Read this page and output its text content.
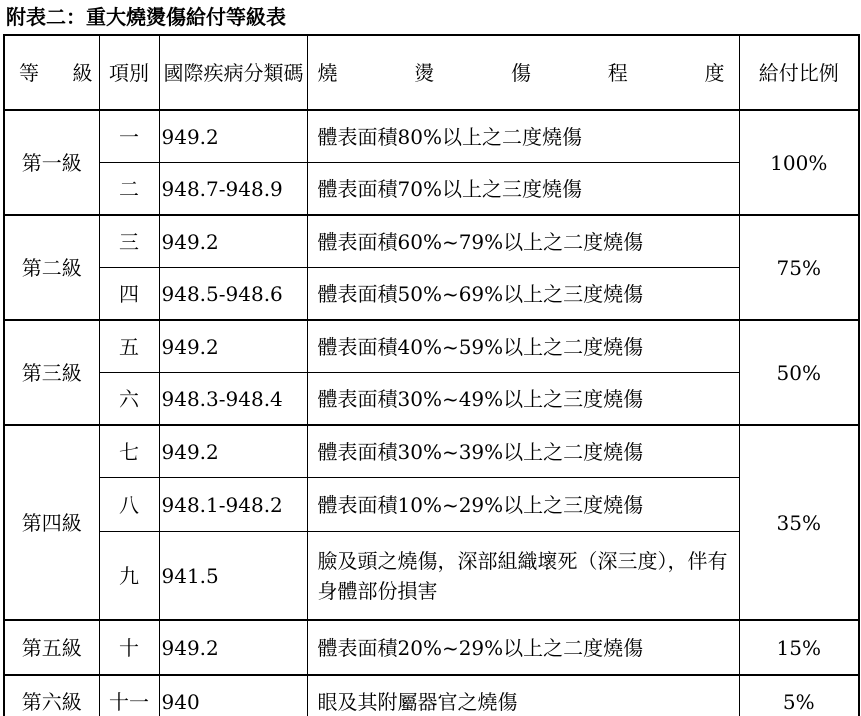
附表二：重大燒燙傷給付等級表
等 級	項別	國際疾病分類碼	燒 燙 傷 程 度	給付比例
第一級	一	949.2	體表面積80%以上之二度燒傷	100%
	二	948.7-948.9	體表面積70%以上之三度燒傷	
第二級	三	949.2	體表面積60%~79%以上之二度燒傷	75%
	四	948.5-948.6	體表面積50%~69%以上之三度燒傷	
第三級	五	949.2	體表面積40%~59%以上之二度燒傷	50%
	六	948.3-948.4	體表面積30%~49%以上之三度燒傷	
第四級	七	949.2	體表面積30%~39%以上之二度燒傷	35%
	八	948.1-948.2	體表面積10%~29%以上之三度燒傷	
	九	941.5	臉及頭之燒傷，深部組織壞死（深三度），伴有身體部份損害	
第五級	十	949.2	體表面積20%~29%以上之二度燒傷	15%
第六級	十一	940	眼及其附屬器官之燒傷	5%
